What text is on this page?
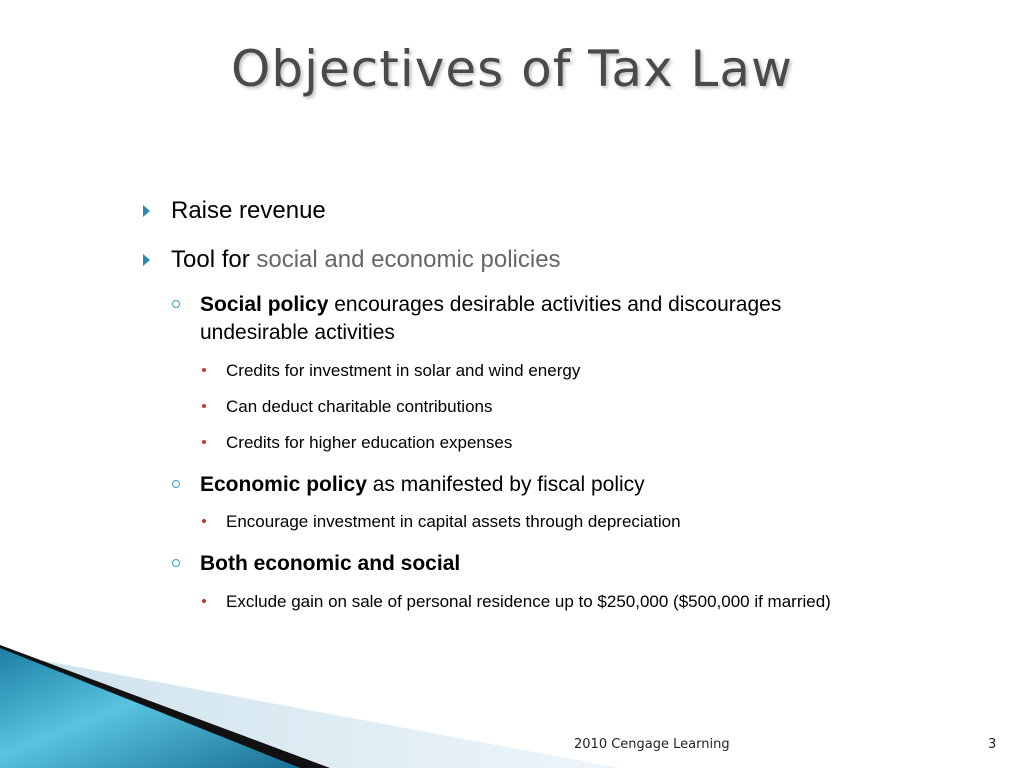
Objectives of Tax Law
Raise revenue
Tool for social and economic policies
Social policy encourages desirable activities and discourages
undesirable activities
Credits for investment in solar and wind energy
Can deduct charitable contributions
Credits for higher education expenses
Economic policy as manifested by fiscal policy
Encourage investment in capital assets through depreciation
Both economic and social
Exclude gain on sale of personal residence up to $250,000 ($500,000 if married)
2010 Cengage Learning	3
